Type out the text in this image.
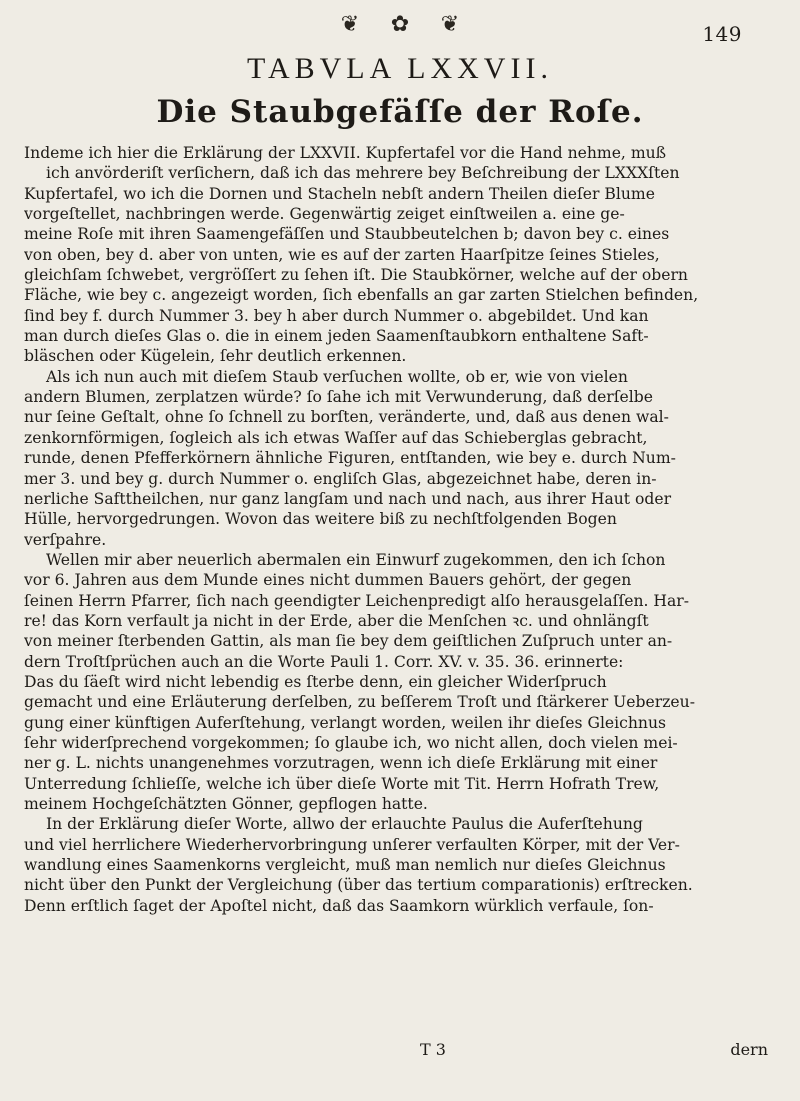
❦	✿	❦	149
TABVLA LXXVII.
Die Staubgefäſſe der Roſe.
Indeme ich hier die Erklärung der LXXVII. Kupfertafel vor die Hand nehme, muß
ich anvörderiſt verſichern, daß ich das mehrere bey Beſchreibung der LXXXſten
Kupfertafel, wo ich die Dornen und Stacheln nebſt andern Theilen dieſer Blume
vorgeſtellet, nachbringen werde. Gegenwärtig zeiget einſtweilen a. eine ge-
meine Roſe mit ihren Saamengefäſſen und Staubbeutelchen b; davon bey c. eines
von oben, bey d. aber von unten, wie es auf der zarten Haarſpitze ſeines Stieles,
gleichſam ſchwebet, vergröſſert zu ſehen iſt. Die Staubkörner, welche auf der obern
Fläche, wie bey c. angezeigt worden, ſich ebenfalls an gar zarten Stielchen befinden,
ſind bey f. durch Nummer 3. bey h aber durch Nummer o. abgebildet. Und kan
man durch dieſes Glas o. die in einem jeden Saamenſtaubkorn enthaltene Saft-
bläschen oder Kügelein, ſehr deutlich erkennen.
Als ich nun auch mit dieſem Staub verſuchen wollte, ob er, wie von vielen
andern Blumen, zerplatzen würde? ſo ſahe ich mit Verwunderung, daß derſelbe
nur ſeine Geſtalt, ohne ſo ſchnell zu borſten, veränderte, und, daß aus denen wal-
zenkornförmigen, ſogleich als ich etwas Waſſer auf das Schieberglas gebracht,
runde, denen Pfefferkörnern ähnliche Figuren, entſtanden, wie bey e. durch Num-
mer 3. und bey g. durch Nummer o. engliſch Glas, abgezeichnet habe, deren in-
nerliche Safttheilchen, nur ganz langſam und nach und nach, aus ihrer Haut oder
Hülle, hervorgedrungen. Wovon das weitere biß zu nechſtfolgenden Bogen
verſpahre.
Wellen mir aber neuerlich abermalen ein Einwurf zugekommen, den ich ſchon
vor 6. Jahren aus dem Munde eines nicht dummen Bauers gehört, der gegen
ſeinen Herrn Pfarrer, ſich nach geendigter Leichenpredigt alſo herausgelaſſen. Har-
re! das Korn verfault ja nicht in der Erde, aber die Menſchen ꝛc. und ohnlängſt
von meiner ſterbenden Gattin, als man ſie bey dem geiſtlichen Zuſpruch unter an-
dern Troſtſprüchen auch an die Worte Pauli 1. Corr. XV. v. 35. 36. erinnerte:
Das du ſäeſt wird nicht lebendig es ſterbe denn, ein gleicher Widerſpruch
gemacht und eine Erläuterung derſelben, zu beſſerem Troſt und ſtärkerer Ueberzeu-
gung einer künftigen Auferſtehung, verlangt worden, weilen ihr dieſes Gleichnus
ſehr widerſprechend vorgekommen; ſo glaube ich, wo nicht allen, doch vielen mei-
ner g. L. nichts unangenehmes vorzutragen, wenn ich dieſe Erklärung mit einer
Unterredung ſchlieſſe, welche ich über dieſe Worte mit Tit. Herrn Hofrath Trew,
meinem Hochgeſchätzten Gönner, gepflogen hatte.
In der Erklärung dieſer Worte, allwo der erlauchte Paulus die Auferſtehung
und viel herrlichere Wiederhervorbringung unſerer verfaulten Körper, mit der Ver-
wandlung eines Saamenkorns vergleicht, muß man nemlich nur dieſes Gleichnus
nicht über den Punkt der Vergleichung (über das tertium comparationis) erſtrecken.
Denn erſtlich ſaget der Apoſtel nicht, daß das Saamkorn würklich verfaule, ſon-
T 3	dern
